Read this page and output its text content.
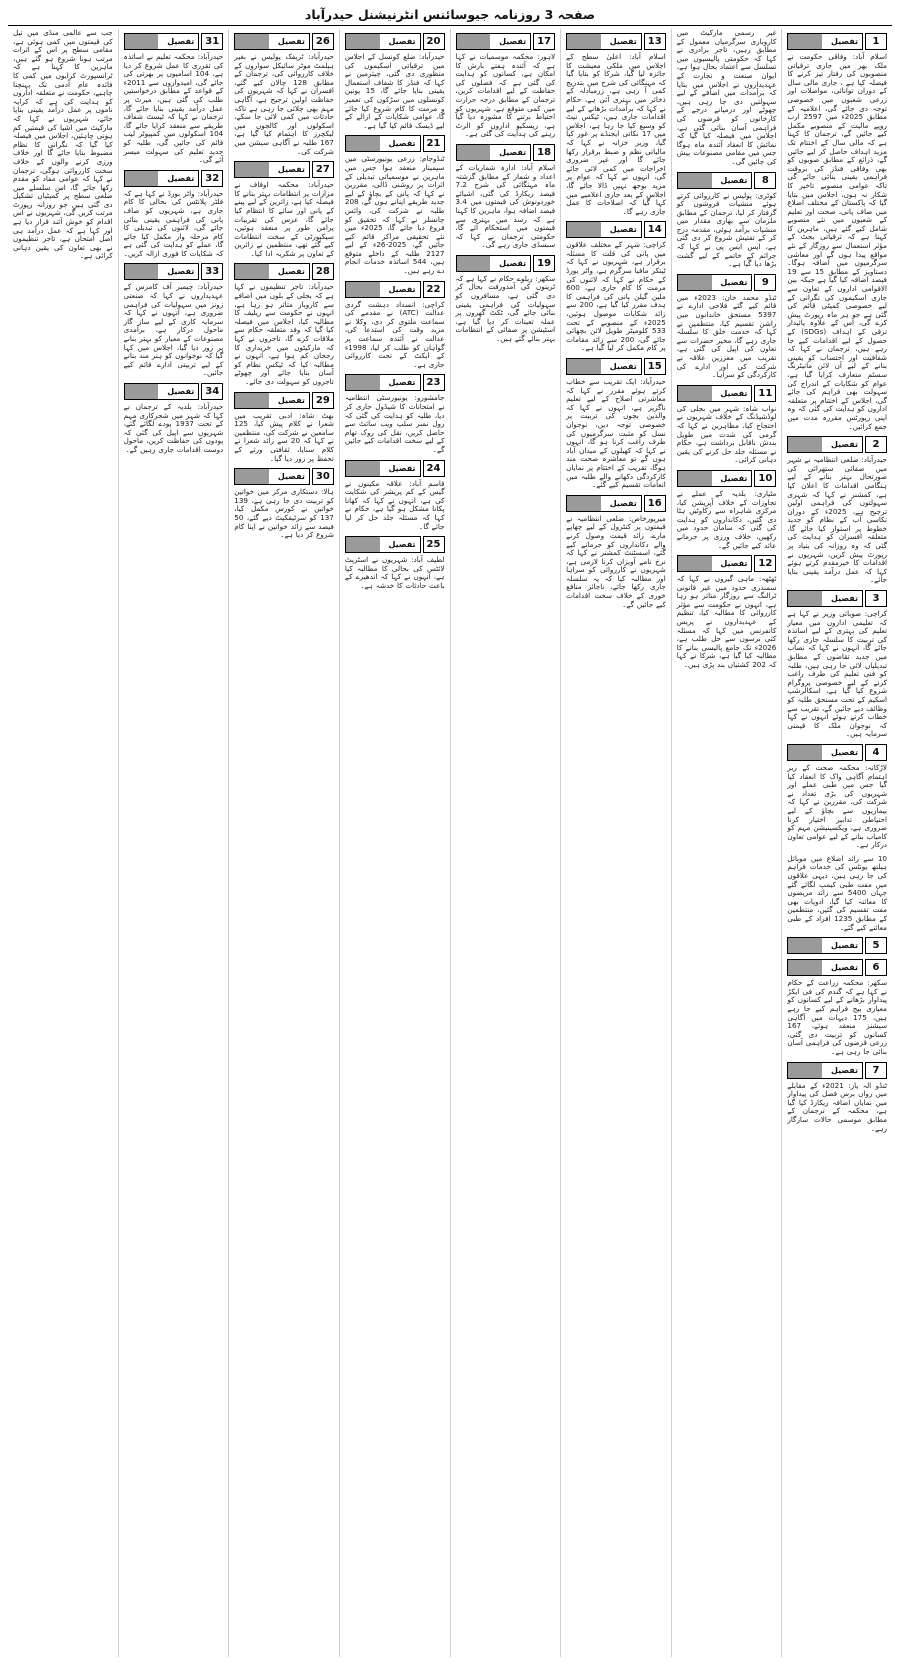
صفحہ 3 روزنامہ جیوسائنس انٹرنیشنل حیدرآباد
1
تفصیل
اسلام آباد: وفاقی حکومت نے ملک بھر میں جاری ترقیاتی منصوبوں کی رفتار تیز کرنے کا فیصلہ کیا ہے ، جاری مالی سال کے دوران توانائی، مواصلات اور زرعی شعبوں میں خصوصی توجہ دی جائے گی، اعلامیہ کے مطابق 2025ء میں 2597 ارب روپے مالیت کے منصوبے مکمل کیے جائیں گے، ترجمان کا کہنا ہے کہ مالی سال کے اختتام تک مزید اہداف حاصل کر لیے جائیں گے، ذرائع کے مطابق صوبوں کو بھی وفاقی فنڈز کی بروقت فراہمی یقینی بنائی جائے گی تاکہ عوامی منصوبے تاخیر کا شکار نہ ہوں، اجلاس میں بتایا گیا کہ پاکستان کے مختلف اضلاع میں صاف پانی، صحت اور تعلیم کے شعبوں میں نئے منصوبے شامل کیے گئے ہیں، ماہرین کا کہنا ہے کہ ترقیاتی بجٹ کے مؤثر استعمال سے روزگار کے نئے مواقع پیدا ہوں گے اور معاشی سرگرمیوں میں اضافہ ہوگا۔ دستاویز کے مطابق 15 سے 19 فیصد اضافہ کیا گیا ہے جبکہ بین الاقوامی اداروں کے تعاون سے جاری اسکیموں کی نگرانی کے لیے خصوصی کمیٹی قائم کی گئی ہے جو ہر ماہ رپورٹ پیش کرے گی، اس کے علاوہ پائیدار ترقی کے اہداف (SDGs) کے حصول کے لیے اقدامات کیے جا رہے ہیں، ترجمان نے کہا کہ شفافیت اور احتساب کو یقینی بنانے کے لیے آن لائن مانیٹرنگ سسٹم متعارف کرایا گیا ہے، عوام کو شکایات کے اندراج کی سہولت بھی فراہم کی جائے گی، اجلاس کے اختتام پر متعلقہ اداروں کو ہدایت کی گئی کہ وہ اپنی رپورٹس مقررہ مدت میں جمع کرائیں۔
2
تفصیل
حیدرآباد: ضلعی انتظامیہ نے شہر میں صفائی ستھرائی کی صورتحال بہتر بنانے کے لیے ہنگامی اقدامات کا اعلان کیا ہے، کمشنر نے کہا کہ شہری سہولتوں کی فراہمی اولین ترجیح ہے، 2025ء کے دوران نکاسی آب کے نظام کو جدید خطوط پر استوار کیا جائے گا، متعلقہ افسران کو ہدایت کی گئی کہ وہ روزانہ کی بنیاد پر رپورٹ پیش کریں، شہریوں نے اقدامات کا خیرمقدم کرتے ہوئے کہا کہ عمل درآمد یقینی بنایا جائے۔
3
تفصیل
کراچی: صوبائی وزیر نے کہا ہے کہ تعلیمی اداروں میں معیار تعلیم کی بہتری کے لیے اساتذہ کی تربیت کا سلسلہ جاری رکھا جائے گا، انہوں نے کہا کہ نصاب میں جدید تقاضوں کے مطابق تبدیلیاں لائی جا رہی ہیں، طلبہ کو فنی تعلیم کی طرف راغب کرنے کے لیے خصوصی پروگرام شروع کیا گیا ہے، اسکالرشپ اسکیم کے تحت مستحق طلبہ کو وظائف دیے جائیں گے، تقریب سے خطاب کرتے ہوئے انہوں نے کہا کہ نوجوان ملک کا قیمتی سرمایہ ہیں۔
4
تفصیل
لاڑکانہ: محکمہ صحت کے زیر اہتمام آگاہی واک کا انعقاد کیا گیا جس میں طبی عملے اور شہریوں کی بڑی تعداد نے شرکت کی، مقررین نے کہا کہ بیماریوں سے بچاؤ کے لیے احتیاطی تدابیر اختیار کرنا ضروری ہے، ویکسینیشن مہم کو کامیاب بنانے کے لیے عوامی تعاون درکار ہے۔
10 سے زائد اضلاع میں موبائل ہیلتھ یونٹس کی خدمات فراہم کی جا رہی ہیں، دیہی علاقوں میں مفت طبی کیمپ لگائے گئے جہاں 5400 سے زائد مریضوں کا معائنہ کیا گیا، ادویات بھی مفت تقسیم کی گئیں، منتظمین کے مطابق 1235 افراد کے طبی معائنے کیے گئے۔
5
تفصیل
6
تفصیل
سکھر: محکمہ زراعت کے حکام نے کہا ہے کہ گندم کی فی ایکڑ پیداوار بڑھانے کے لیے کسانوں کو معیاری بیج فراہم کیے جا رہے ہیں، 175 دیہات میں آگاہی سیشنز منعقد ہوئے، 167 کسانوں کو تربیت دی گئی، زرعی قرضوں کی فراہمی آسان بنائی جا رہی ہے۔
7
تفصیل
ٹنڈو الہ یار: 2021ء کے مقابلے میں رواں برس فصل کی پیداوار میں نمایاں اضافہ ریکارڈ کیا گیا ہے، محکمہ کے ترجمان کے مطابق موسمی حالات سازگار رہے۔
غیر رسمی مارکیٹ میں کاروباری سرگرمیاں معمول کے مطابق رہیں، تاجر برادری نے کہا کہ حکومتی پالیسیوں میں تسلسل سے اعتماد بحال ہوا ہے، ایوان صنعت و تجارت کے عہدیداروں نے اجلاس میں بتایا کہ برآمدات میں اضافے کے لیے سہولتیں دی جا رہی ہیں، چھوٹے اور درمیانے درجے کے کارخانوں کو قرضوں کی فراہمی آسان بنائی گئی ہے، اجلاس میں فیصلہ کیا گیا کہ نمائش کا انعقاد آئندہ ماہ ہوگا جس میں مقامی مصنوعات پیش کی جائیں گی۔
8
تفصیل
کوٹری: پولیس نے کارروائی کرتے ہوئے منشیات فروشوں کو گرفتار کر لیا، ترجمان کے مطابق ملزمان سے بھاری مقدار میں منشیات برآمد ہوئی، مقدمہ درج کر کے تفتیش شروع کر دی گئی ہے، ایس ایس پی نے کہا کہ جرائم کے خاتمے کے لیے گشت بڑھا دیا گیا ہے۔
9
تفصیل
ٹنڈو محمد خان: 2023ء میں قائم کیے گئے فلاحی ادارے نے 5397 مستحق خاندانوں میں راشن تقسیم کیا، منتظمین نے کہا کہ خدمت خلق کا سلسلہ جاری رہے گا، مخیر حضرات سے تعاون کی اپیل کی گئی ہے، تقریب میں معززین علاقہ نے شرکت کی اور ادارے کی کارکردگی کو سراہا۔
11
تفصیل
نواب شاہ: شہر میں بجلی کی لوڈشیڈنگ کے خلاف شہریوں نے احتجاج کیا، مظاہرین نے کہا کہ گرمی کی شدت میں طویل بندش ناقابل برداشت ہے، حکام نے مسئلہ جلد حل کرنے کی یقین دہانی کرائی۔
10
تفصیل
مٹیاری: بلدیہ کے عملے نے تجاوزات کے خلاف آپریشن کیا، مرکزی شاہراہ سے رکاوٹیں ہٹا دی گئیں، دکانداروں کو ہدایت کی گئی کہ سامان حدود میں رکھیں، خلاف ورزی پر جرمانے عائد کیے جائیں گے۔
12
تفصیل
ٹھٹھہ: ماہی گیروں نے کہا کہ سمندری حدود میں غیر قانونی ٹرالنگ سے روزگار متاثر ہو رہا ہے، انہوں نے حکومت سے مؤثر کارروائی کا مطالبہ کیا، تنظیم کے عہدیداروں نے پریس کانفرنس میں کہا کہ مسئلہ کئی برسوں سے حل طلب ہے، 2026ء تک جامع پالیسی بنانے کا مطالبہ کیا گیا ہے، شرکا نے کہا کہ 202 کشتیاں بند پڑی ہیں۔
13
تفصیل
اسلام آباد: اعلیٰ سطح کے اجلاس میں ملکی معیشت کا جائزہ لیا گیا، شرکا کو بتایا گیا کہ مہنگائی کی شرح میں بتدریج کمی آ رہی ہے، زرمبادلہ کے ذخائر میں بہتری آئی ہے، حکام نے کہا کہ برآمدات بڑھانے کے لیے اقدامات جاری ہیں، ٹیکس نیٹ کو وسیع کیا جا رہا ہے، اجلاس میں 17 نکاتی ایجنڈے پر غور کیا گیا، وزیر خزانہ نے کہا کہ مالیاتی نظم و ضبط برقرار رکھا جائے گا اور غیر ضروری اخراجات میں کمی لائی جائے گی، انہوں نے کہا کہ عوام پر مزید بوجھ نہیں ڈالا جائے گا، اجلاس کے بعد جاری اعلامیے میں کہا گیا کہ اصلاحات کا عمل جاری رہے گا۔
14
تفصیل
کراچی: شہر کے مختلف علاقوں میں پانی کی قلت کا مسئلہ برقرار ہے، شہریوں نے کہا کہ ٹینکر مافیا سرگرم ہے، واٹر بورڈ کے حکام نے کہا کہ لائنوں کی مرمت کا کام جاری ہے، 600 ملین گیلن پانی کی فراہمی کا ہدف مقرر کیا گیا ہے، 200 سے زائد شکایات موصول ہوئیں، 2025ء کے منصوبے کے تحت 533 کلومیٹر طویل لائن بچھائی جائے گی، 200 سے زائد مقامات پر کام مکمل کر لیا گیا ہے۔
15
تفصیل
حیدرآباد: ایک تقریب سے خطاب کرتے ہوئے مقرر نے کہا کہ معاشرتی اصلاح کے لیے تعلیم ناگزیر ہے، انہوں نے کہا کہ والدین بچوں کی تربیت پر خصوصی توجہ دیں، نوجوان نسل کو مثبت سرگرمیوں کی طرف راغب کرنا ہو گا، انہوں نے کہا کہ کھیلوں کے میدان آباد ہوں گے تو معاشرہ صحت مند ہوگا، تقریب کے اختتام پر نمایاں کارکردگی دکھانے والے طلبہ میں انعامات تقسیم کیے گئے۔
16
تفصیل
میرپورخاص: ضلعی انتظامیہ نے قیمتوں پر کنٹرول کے لیے چھاپے مارے، زائد قیمت وصول کرنے والے دکانداروں کو جرمانے کیے گئے، اسسٹنٹ کمشنر نے کہا کہ نرخ نامے آویزاں کرنا لازمی ہے، شہریوں نے کارروائی کو سراہا اور مطالبہ کیا کہ یہ سلسلہ جاری رکھا جائے، ناجائز منافع خوری کے خلاف سخت اقدامات کیے جائیں گے۔
17
تفصیل
لاہور: محکمہ موسمیات نے کہا ہے کہ آئندہ ہفتے بارش کا امکان ہے، کسانوں کو ہدایت کی گئی ہے کہ فصلوں کی حفاظت کے لیے اقدامات کریں، ترجمان کے مطابق درجہ حرارت میں کمی متوقع ہے، شہریوں کو احتیاط برتنے کا مشورہ دیا گیا ہے، ریسکیو اداروں کو الرٹ رہنے کی ہدایت کی گئی ہے۔
18
تفصیل
اسلام آباد: ادارہ شماریات کے اعداد و شمار کے مطابق گزشتہ ماہ مہنگائی کی شرح 7.2 فیصد ریکارڈ کی گئی، اشیائے خوردونوش کی قیمتوں میں 3.4 فیصد اضافہ ہوا، ماہرین کا کہنا ہے کہ رسد میں بہتری سے قیمتوں میں استحکام آئے گا، حکومتی ترجمان نے کہا کہ سبسڈی جاری رہے گی۔
19
تفصیل
سکھر: ریلوے حکام نے کہا ہے کہ ٹرینوں کی آمدورفت بحال کر دی گئی ہے، مسافروں کو سہولیات کی فراہمی یقینی بنائی جائے گی، ٹکٹ گھروں پر عملہ تعینات کر دیا گیا ہے، اسٹیشن پر صفائی کے انتظامات بہتر بنائے گئے ہیں۔
20
تفصیل
حیدرآباد: ضلع کونسل کے اجلاس میں ترقیاتی اسکیموں کی منظوری دی گئی، چیئرمین نے کہا کہ فنڈز کا شفاف استعمال یقینی بنایا جائے گا، 15 یونین کونسلوں میں سڑکوں کی تعمیر و مرمت کا کام شروع کیا جائے گا، عوامی شکایات کے ازالے کے لیے ڈیسک قائم کیا گیا ہے۔
21
تفصیل
ٹنڈوجام: زرعی یونیورسٹی میں سیمینار منعقد ہوا جس میں ماہرین نے موسمیاتی تبدیلی کے اثرات پر روشنی ڈالی، مقررین نے کہا کہ پانی کے بچاؤ کے لیے جدید طریقے اپنانے ہوں گے، 208 طلبہ نے شرکت کی، وائس چانسلر نے کہا کہ تحقیق کو فروغ دیا جائے گا، 2025ء میں نئے تحقیقی مراکز قائم کیے جائیں گے، 2025-26ء کے لیے 2127 طلبہ کے داخلے متوقع ہیں، 544 اساتذہ خدمات انجام دے رہے ہیں۔
22
تفصیل
کراچی: انسداد دہشت گردی عدالت (ATC) نے مقدمے کی سماعت ملتوی کر دی، وکلا نے مزید وقت کی استدعا کی، عدالت نے آئندہ سماعت پر گواہان کو طلب کر لیا، 1998ء کے ایکٹ کے تحت کارروائی جاری ہے۔
23
تفصیل
جامشورو: یونیورسٹی انتظامیہ نے امتحانات کا شیڈول جاری کر دیا، طلبہ کو ہدایت کی گئی کہ رول نمبر سلپ ویب سائٹ سے حاصل کریں، نقل کی روک تھام کے لیے سخت اقدامات کیے جائیں گے۔
24
تفصیل
قاسم آباد: علاقہ مکینوں نے گیس کے کم پریشر کی شکایت کی ہے، انہوں نے کہا کہ کھانا پکانا مشکل ہو گیا ہے، حکام نے کہا کہ مسئلہ جلد حل کر لیا جائے گا۔
25
تفصیل
لطیف آباد: شہریوں نے اسٹریٹ لائٹس کی بحالی کا مطالبہ کیا ہے، انہوں نے کہا کہ اندھیرے کے باعث حادثات کا خدشہ ہے۔
26
تفصیل
حیدرآباد: ٹریفک پولیس نے بغیر ہیلمٹ موٹر سائیکل سواروں کے خلاف کارروائی کی، ترجمان کے مطابق 128 چالان کیے گئے، افسران نے کہا کہ شہریوں کی حفاظت اولین ترجیح ہے، آگاہی مہم بھی چلائی جا رہی ہے تاکہ حادثات میں کمی لائی جا سکے، اسکولوں اور کالجوں میں لیکچرز کا اہتمام کیا گیا ہے، 167 طلبہ نے آگاہی سیشن میں شرکت کی۔
27
تفصیل
حیدرآباد: محکمہ اوقاف نے مزارات پر انتظامات بہتر بنانے کا فیصلہ کیا ہے، زائرین کے لیے پینے کے پانی اور سائے کا انتظام کیا جائے گا، عرس کی تقریبات پرامن طور پر منعقد ہوئیں، سیکیورٹی کے سخت انتظامات کیے گئے تھے، منتظمین نے زائرین کے تعاون پر شکریہ ادا کیا۔
28
تفصیل
حیدرآباد: تاجر تنظیموں نے کہا ہے کہ بجلی کے بلوں میں اضافے سے کاروبار متاثر ہو رہا ہے، انہوں نے حکومت سے ریلیف کا مطالبہ کیا، اجلاس میں فیصلہ کیا گیا کہ وفد متعلقہ حکام سے ملاقات کرے گا، تاجروں نے کہا کہ مارکیٹوں میں خریداری کا رجحان کم ہوا ہے، انہوں نے مطالبہ کیا کہ ٹیکس نظام کو آسان بنایا جائے اور چھوٹے تاجروں کو سہولت دی جائے۔
29
تفصیل
بھٹ شاہ: ادبی تقریب میں شعرا نے کلام پیش کیا، 125 سامعین نے شرکت کی، منتظمین نے کہا کہ 20 سے زائد شعرا نے کلام سنایا، ثقافتی ورثے کے تحفظ پر زور دیا گیا۔
30
تفصیل
ہالا: دستکاری مرکز میں خواتین کو تربیت دی جا رہی ہے، 139 خواتین نے کورس مکمل کیا، 137 کو سرٹیفکیٹ دیے گئے، 50 فیصد سے زائد خواتین نے اپنا کام شروع کر دیا ہے۔
31
تفصیل
حیدرآباد: محکمہ تعلیم نے اساتذہ کی تقرری کا عمل شروع کر دیا ہے، 104 اسامیوں پر بھرتی کی جائے گی، امیدواروں سے 2011ء کے قواعد کے مطابق درخواستیں طلب کی گئی ہیں، میرٹ پر عمل درآمد یقینی بنایا جائے گا، ترجمان نے کہا کہ ٹیسٹ شفاف طریقے سے منعقد کرایا جائے گا، 104 اسکولوں میں کمپیوٹر لیب قائم کی جائیں گی، طلبہ کو جدید تعلیم کی سہولت میسر آئے گی۔
32
تفصیل
حیدرآباد: واٹر بورڈ نے کہا ہے کہ فلٹر پلانٹس کی بحالی کا کام جاری ہے، شہریوں کو صاف پانی کی فراہمی یقینی بنائی جائے گی، لائنوں کی تبدیلی کا کام مرحلہ وار مکمل کیا جائے گا، عملے کو ہدایت کی گئی ہے کہ شکایات کا فوری ازالہ کریں۔
33
تفصیل
حیدرآباد: چیمبر آف کامرس کے عہدیداروں نے کہا کہ صنعتی زونز میں سہولیات کی فراہمی ضروری ہے، انہوں نے کہا کہ سرمایہ کاری کے لیے ساز گار ماحول درکار ہے، برآمدی مصنوعات کے معیار کو بہتر بنانے پر زور دیا گیا، اجلاس میں کہا گیا کہ نوجوانوں کو ہنر مند بنانے کے لیے تربیتی ادارے قائم کیے جائیں۔
34
تفصیل
حیدرآباد: بلدیہ کے ترجمان نے کہا کہ شہر میں شجرکاری مہم کے تحت 1937 پودے لگائے گئے، شہریوں سے اپیل کی گئی کہ پودوں کی حفاظت کریں، ماحول دوست اقدامات جاری رہیں گے۔
جب سے عالمی منڈی میں تیل کی قیمتوں میں کمی ہوئی ہے، مقامی سطح پر اس کے اثرات مرتب ہونا شروع ہو گئے ہیں، ماہرین کا کہنا ہے کہ ٹرانسپورٹ کرایوں میں کمی کا فائدہ عام آدمی تک پہنچنا چاہیے، حکومت نے متعلقہ اداروں کو ہدایت کی ہے کہ کرایہ ناموں پر عمل درآمد یقینی بنایا جائے، شہریوں نے کہا کہ مارکیٹ میں اشیا کی قیمتیں کم ہونی چاہئیں، اجلاس میں فیصلہ کیا گیا کہ نگرانی کا نظام مضبوط بنایا جائے گا اور خلاف ورزی کرنے والوں کے خلاف سخت کارروائی ہوگی، ترجمان نے کہا کہ عوامی مفاد کو مقدم رکھا جائے گا، اس سلسلے میں ضلعی سطح پر کمیٹیاں تشکیل دی گئی ہیں جو روزانہ رپورٹ مرتب کریں گی، شہریوں نے اس اقدام کو خوش آئند قرار دیا ہے اور کہا ہے کہ عمل درآمد ہی اصل امتحان ہے، تاجر تنظیموں نے بھی تعاون کی یقین دہانی کرائی ہے۔
